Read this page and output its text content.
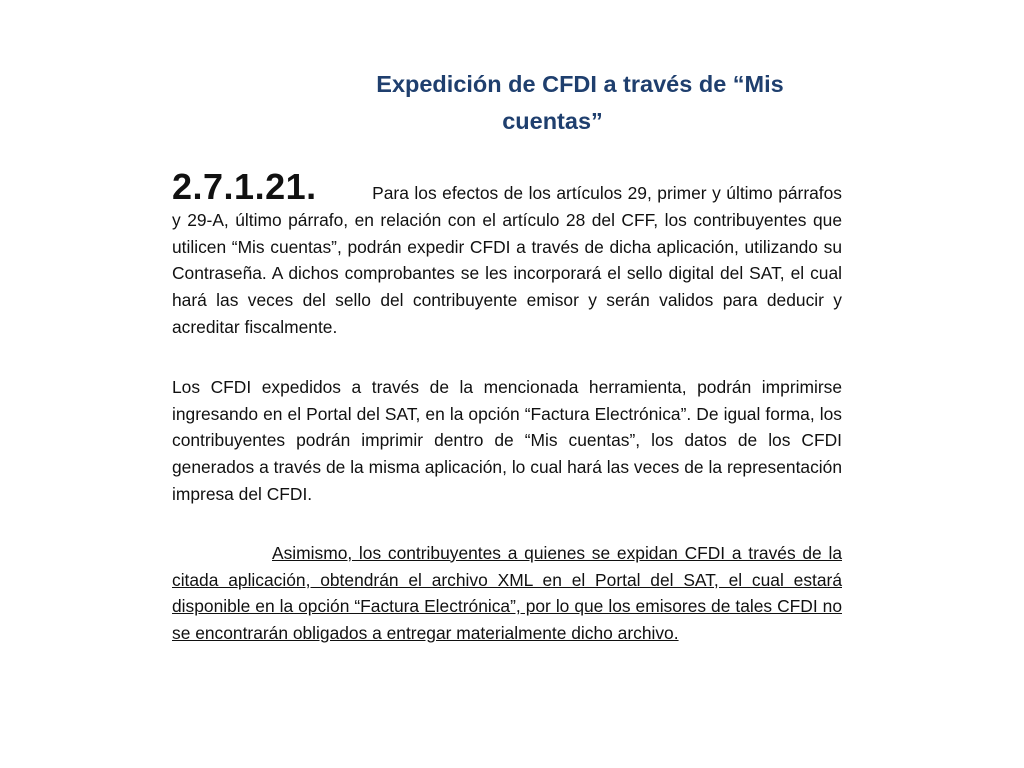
Expedición de CFDI a través de “Mis
cuentas”

2.7.1.21.	Para los efectos de los artículos 29, primer y último párrafos y 29-A, último párrafo, en relación con el artículo 28 del CFF, los contribuyentes que utilicen “Mis cuentas”, podrán expedir CFDI a través de dicha aplicación, utilizando su Contraseña. A dichos comprobantes se les incorporará el sello digital del SAT, el cual hará las veces del sello del contribuyente emisor y serán validos para deducir y acreditar fiscalmente.

Los CFDI expedidos a través de la mencionada herramienta, podrán imprimirse ingresando en el Portal del SAT, en la opción “Factura Electrónica”. De igual forma, los contribuyentes podrán imprimir dentro de “Mis cuentas”, los datos de los CFDI generados a través de la misma aplicación, lo cual hará las veces de la representación impresa del CFDI.

Asimismo, los contribuyentes a quienes se expidan CFDI a través de la citada aplicación, obtendrán el archivo XML en el Portal del SAT, el cual estará disponible en la opción “Factura Electrónica”, por lo que los emisores de tales CFDI no se encontrarán obligados a entregar materialmente dicho archivo.
